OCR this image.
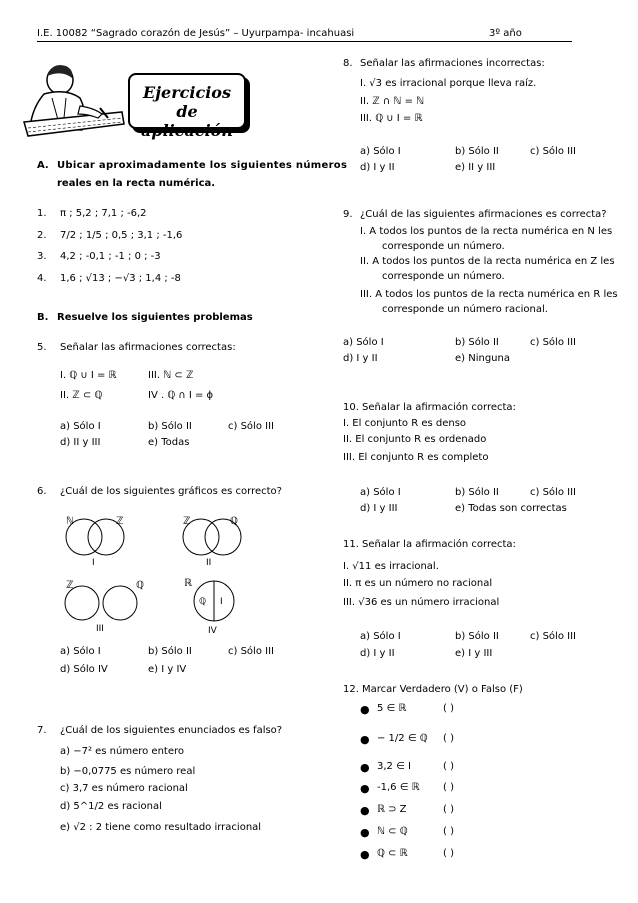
I.E. 10082 “Sagrado corazón de Jesús” – Uyurpampa- incahuasi	3º año
Ejercicios de
aplicación
A. Ubicar aproximadamente los siguientes números
reales en la recta numérica.
1. π ; 5,2 ; 7,1 ; -6,2
2. 7/2 ; 1/5 ; 0,5 ; 3,1 ; -1,6
3. 4,2 ; -0,1 ; -1 ; 0 ; -3
4. 1,6 ; √13 ; −√3 ; 1,4 ; -8
B. Resuelve los siguientes problemas
5. Señalar las afirmaciones correctas:
I. ℚ ∪ I = ℝ	III. ℕ ⊂ ℤ
II. ℤ ⊂ ℚ	IV . ℚ ∩ I = ϕ
a) Sólo I	b) Sólo II	c) Sólo III
d) II y III	e) Todas
6. ¿Cuál de los siguientes gráficos es correcto?
ℕ	ℤ
I
ℤ	ℚ
II
ℤ	ℚ
III
ℝ
ℚ I
IV
a) Sólo I	b) Sólo II	c) Sólo III
d) Sólo IV	e) I y IV
7. ¿Cuál de los siguientes enunciados es falso?
a) −7² es número entero
b) −0,0775 es número real
c) 3,7 es número racional
d) 5^1/2 es racional
e) √2 : 2 tiene como resultado irracional
8. Señalar las afirmaciones incorrectas:
I. √3 es irracional porque lleva raíz.
II. ℤ ∩ ℕ = ℕ
III. ℚ ∪ I = ℝ
a) Sólo I	b) Sólo II	c) Sólo III
d) I y II	e) II y III
9. ¿Cuál de las siguientes afirmaciones es correcta?
I. A todos los puntos de la recta numérica en N les
corresponde un número.
II. A todos los puntos de la recta numérica en Z les
corresponde un número.
III. A todos los puntos de la recta numérica en R les
corresponde un número racional.
a) Sólo I	b) Sólo II	c) Sólo III
d) I y II	e) Ninguna
10. Señalar la afirmación correcta:
I. El conjunto R es denso
II. El conjunto R es ordenado
III. El conjunto R es completo
a) Sólo I	b) Sólo II	c) Sólo III
d) I y III	e) Todas son correctas
11. Señalar la afirmación correcta:
I. √11 es irracional.
II. π es un número no racional
III. √36 es un número irracional
a) Sólo I	b) Sólo II	c) Sólo III
d) I y II	e) I y III
12. Marcar Verdadero (V) o Falso (F)
● 5 ∈ ℝ	( )
● − 1/2 ∈ ℚ ( )
● 3,2 ∈ I	( )
● -1,6 ∈ ℝ ( )
● ℝ ⊃ Z	( )
● ℕ ⊂ ℚ	( )
● ℚ ⊂ ℝ	( )
